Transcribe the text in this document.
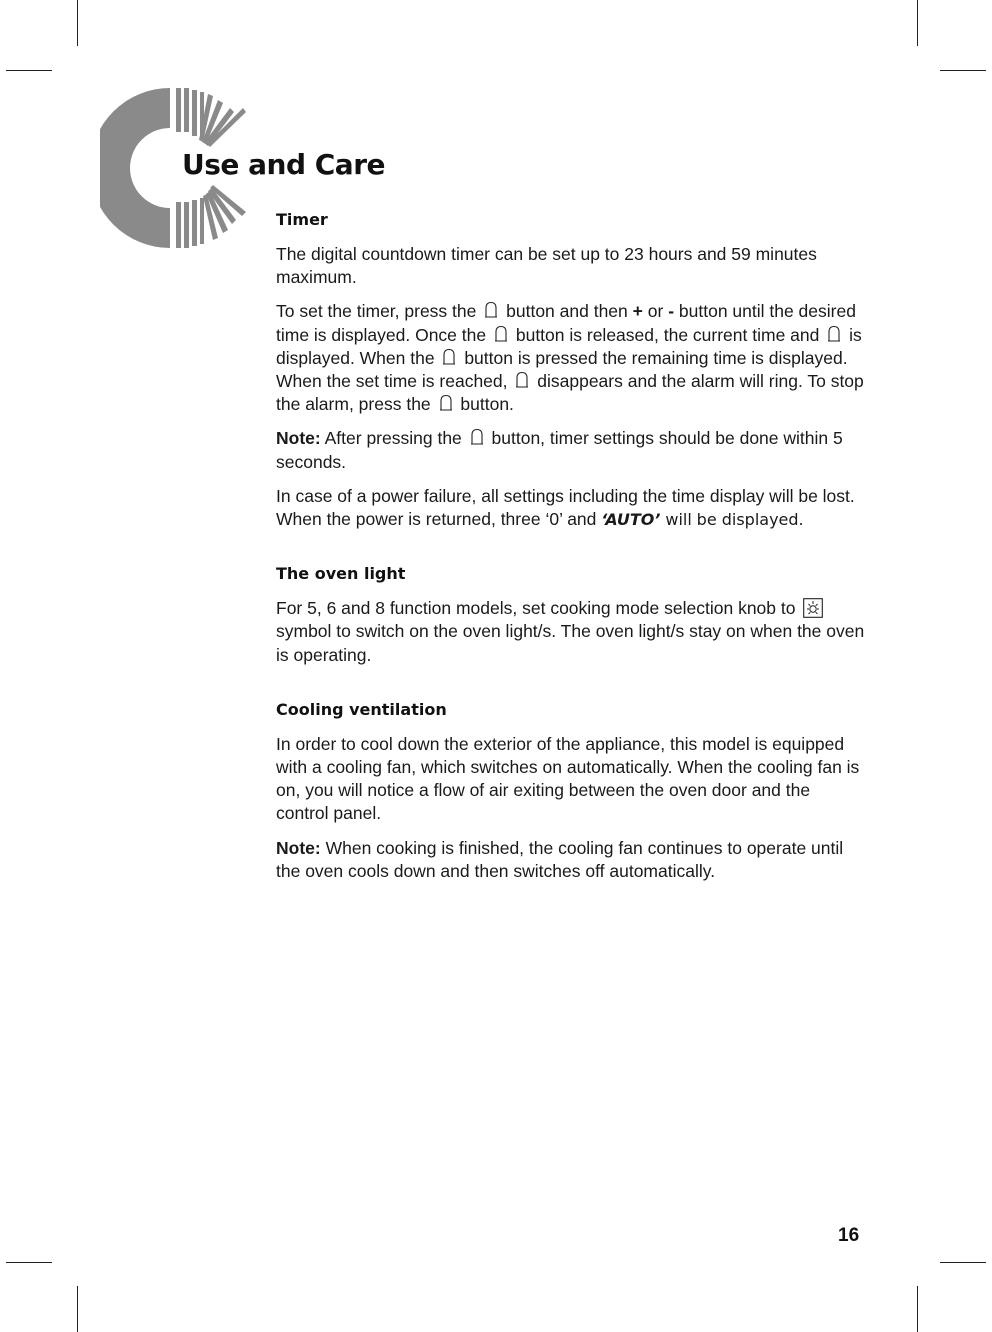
Use and Care
Timer

The digital countdown timer can be set up to 23 hours and 59 minutes maximum.

To set the timer, press the button and then + or - button until the desired time is displayed. Once the button is released, the current time and is displayed. When the button is pressed the remaining time is displayed. When the set time is reached, disappears and the alarm will ring. To stop the alarm, press the button.

Note: After pressing the button, timer settings should be done within 5 seconds.

In case of a power failure, all settings including the time display will be lost. When the power is returned, three ‘0’ and ‘AUTO’ will be displayed.

The oven light

For 5, 6 and 8 function models, set cooking mode selection knob to  symbol to switch on the oven light/s. The oven light/s stay on when the oven is operating.

Cooling ventilation

In order to cool down the exterior of the appliance, this model is equipped with a cooling fan, which switches on automatically. When the cooling fan is on, you will notice a flow of air exiting between the oven door and the control panel.

Note: When cooking is finished, the cooling fan continues to operate until the oven cools down and then switches off automatically.

16
